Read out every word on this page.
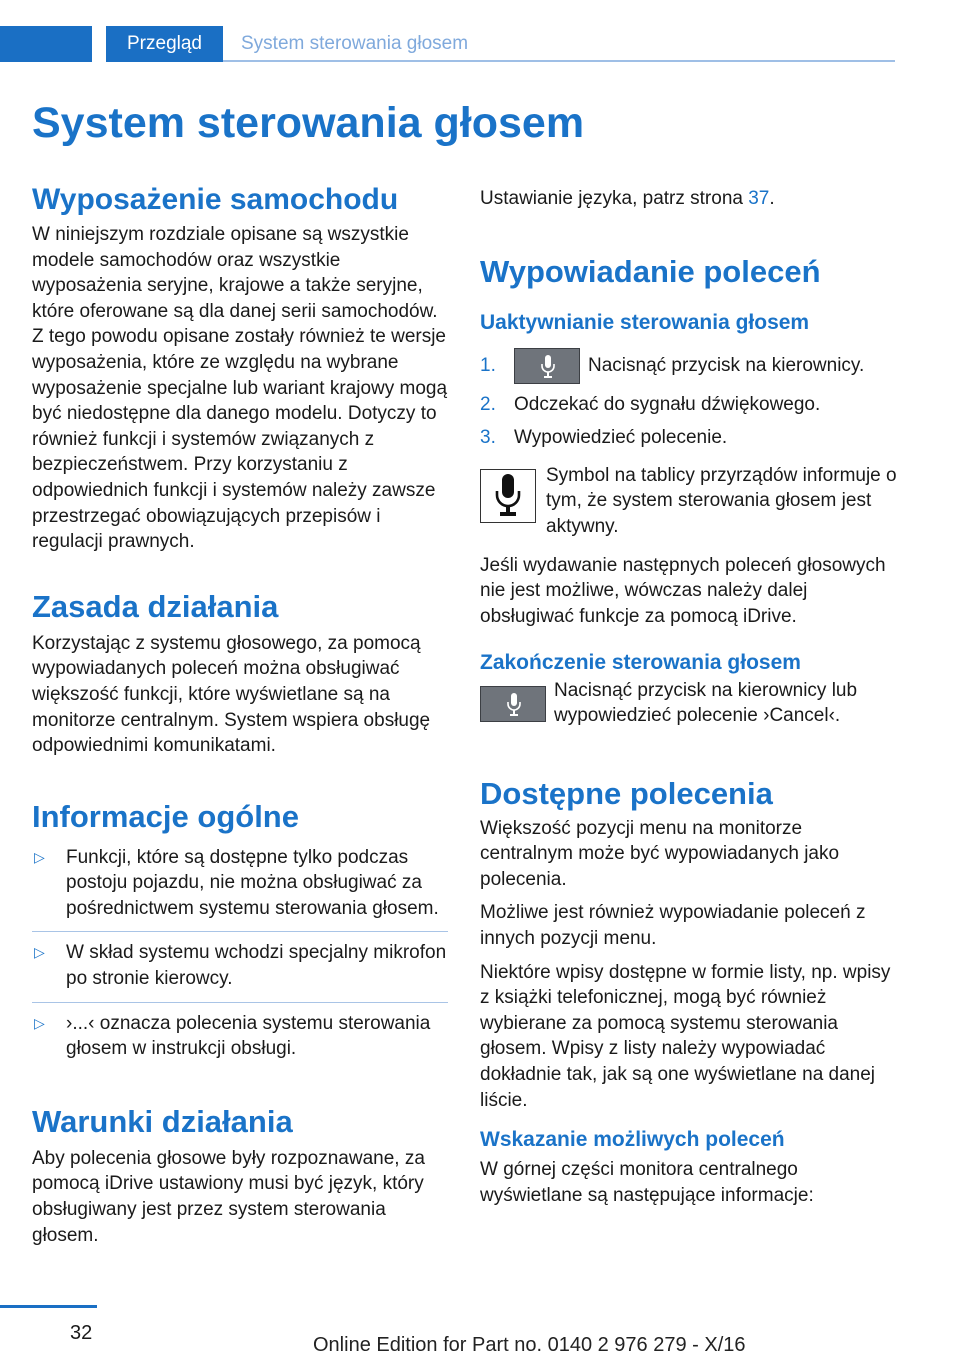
Przegląd	System sterowania głosem
System sterowania głosem
Wyposażenie samochodu

W niniejszym rozdziale opisane są wszystkie modele samochodów oraz wszystkie wyposażenia seryjne, krajowe a także seryjne, które oferowane są dla danej serii samochodów. Z tego powodu opisane zostały również te wersje wyposażenia, które ze względu na wybrane wyposażenie specjalne lub wariant krajowy mogą być niedostępne dla danego modelu. Dotyczy to również funkcji i systemów związanych z bezpieczeństwem. Przy korzystaniu z odpowiednich funkcji i systemów należy zawsze przestrzegać obowiązujących przepisów i regulacji prawnych.

Zasada działania

Korzystając z systemu głosowego, za pomocą wypowiadanych poleceń można obsługiwać większość funkcji, które wyświetlane są na monitorze centralnym. System wspiera obsługę odpowiednimi komunikatami.

Informacje ogólne
▷ Funkcji, które są dostępne tylko podczas postoju pojazdu, nie można obsługiwać za pośrednictwem systemu sterowania głosem.
▷ W skład systemu wchodzi specjalny mikrofon po stronie kierowcy.
▷ ›...‹ oznacza polecenia systemu sterowania głosem w instrukcji obsługi.
Warunki działania

Aby polecenia głosowe były rozpoznawane, za pomocą iDrive ustawiony musi być język, który obsługiwany jest przez system sterowania głosem.

Ustawianie języka, patrz strona 37.

Wypowiadanie poleceń
Uaktywnianie sterowania głosem
1.	Nacisnąć przycisk na kierownicy.
2. Odczekać do sygnału dźwiękowego.
3. Wypowiedzieć polecenie.

Symbol na tablicy przyrządów informuje o tym, że system sterowania głosem jest aktywny.

Jeśli wydawanie następnych poleceń głosowych nie jest możliwe, wówczas należy dalej obsługiwać funkcje za pomocą iDrive.

Zakończenie sterowania głosem

Nacisnąć przycisk na kierownicy lub wypowiedzieć polecenie ›Cancel‹.

Dostępne polecenia

Większość pozycji menu na monitorze centralnym może być wypowiadanych jako polecenia.

Możliwe jest również wypowiadanie poleceń z innych pozycji menu.

Niektóre wpisy dostępne w formie listy, np. wpisy z książki telefonicznej, mogą być również wybierane za pomocą systemu sterowania głosem. Wpisy z listy należy wypowiadać dokładnie tak, jak są one wyświetlane na danej liście.

Wskazanie możliwych poleceń

W górnej części monitora centralnego wyświetlane są następujące informacje:

32
Online Edition for Part no. 0140 2 976 279 - X/16
